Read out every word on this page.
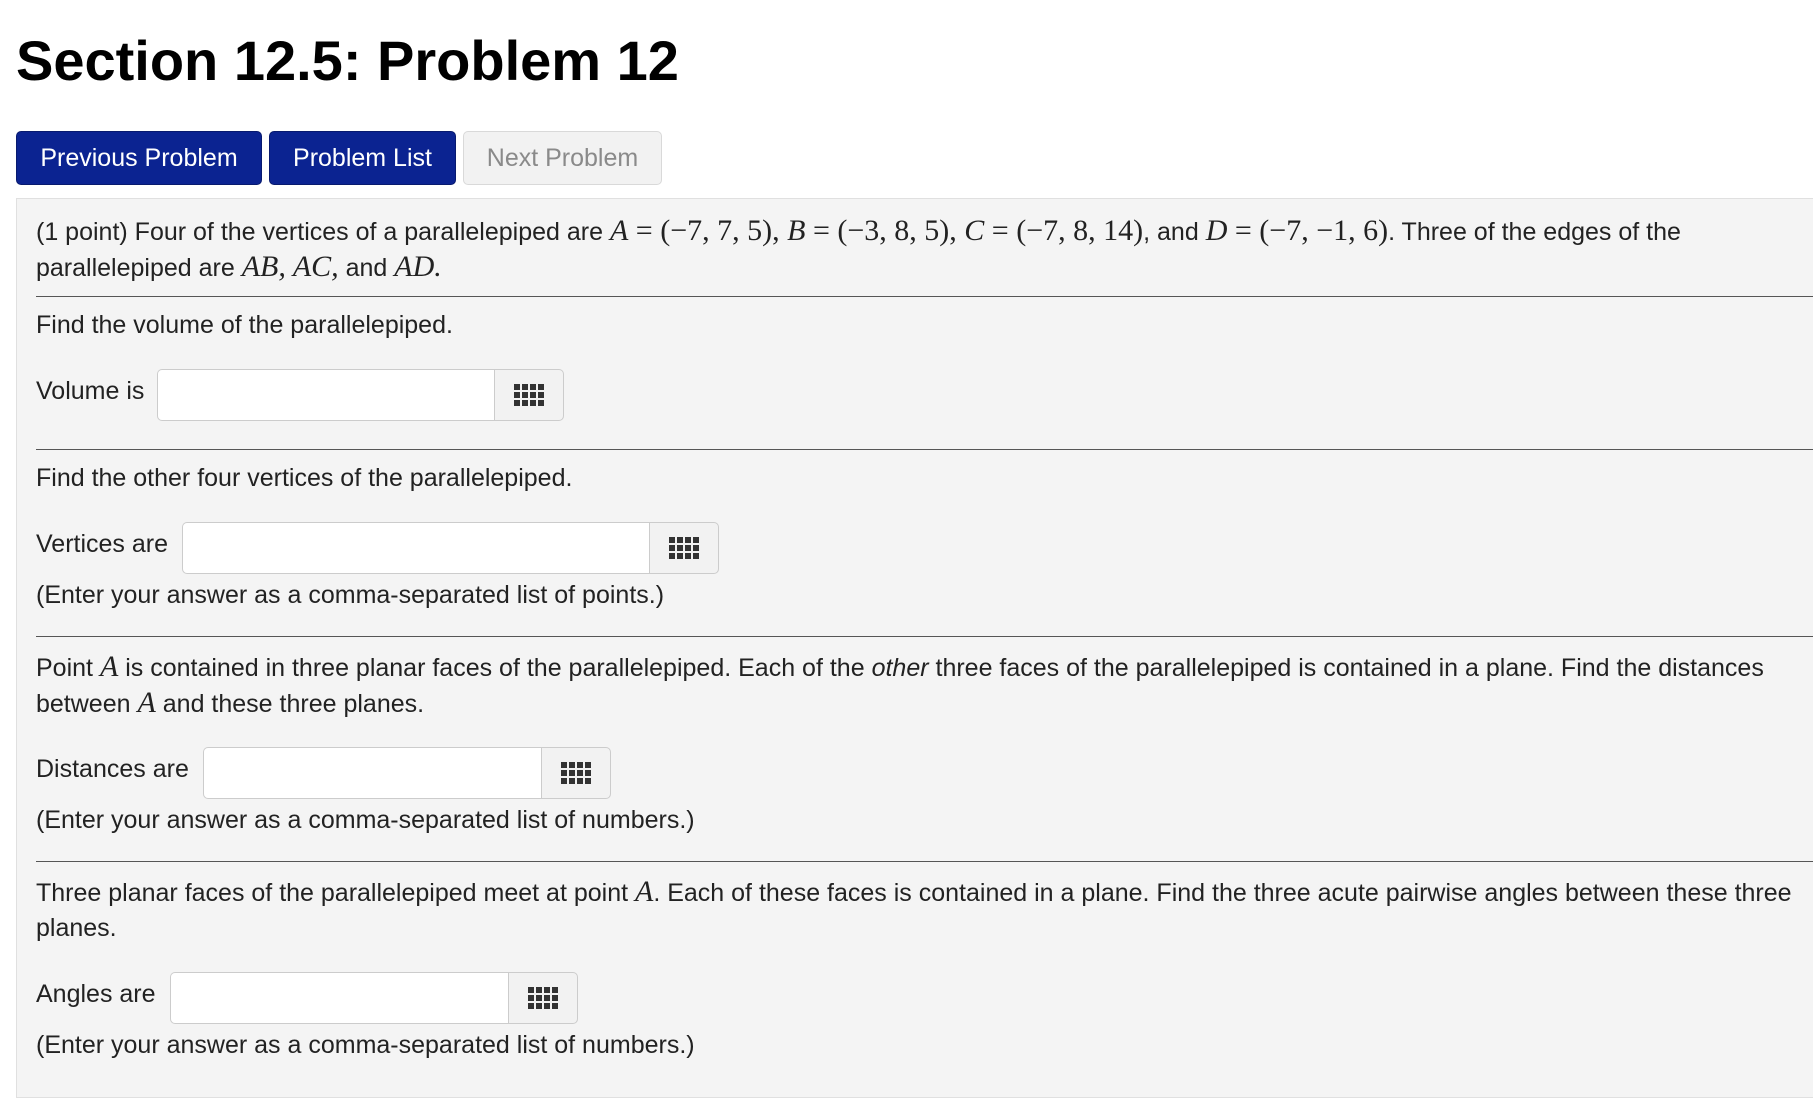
Section 12.5: Problem 12
Previous Problem	Problem List	Next Problem
(1 point) Four of the vertices of a parallelepiped are A = (−7, 7, 5), B = (−3, 8, 5), C = (−7, 8, 14), and D = (−7, −1, 6). Three of the edges of the
parallelepiped are AB, AC, and AD.
Find the volume of the parallelepiped.
Volume is
Find the other four vertices of the parallelepiped.
Vertices are
(Enter your answer as a comma-separated list of points.)
Point A is contained in three planar faces of the parallelepiped. Each of the other three faces of the parallelepiped is contained in a plane. Find the distances
between A and these three planes.
Distances are
(Enter your answer as a comma-separated list of numbers.)
Three planar faces of the parallelepiped meet at point A. Each of these faces is contained in a plane. Find the three acute pairwise angles between these three
planes.
Angles are
(Enter your answer as a comma-separated list of numbers.)
